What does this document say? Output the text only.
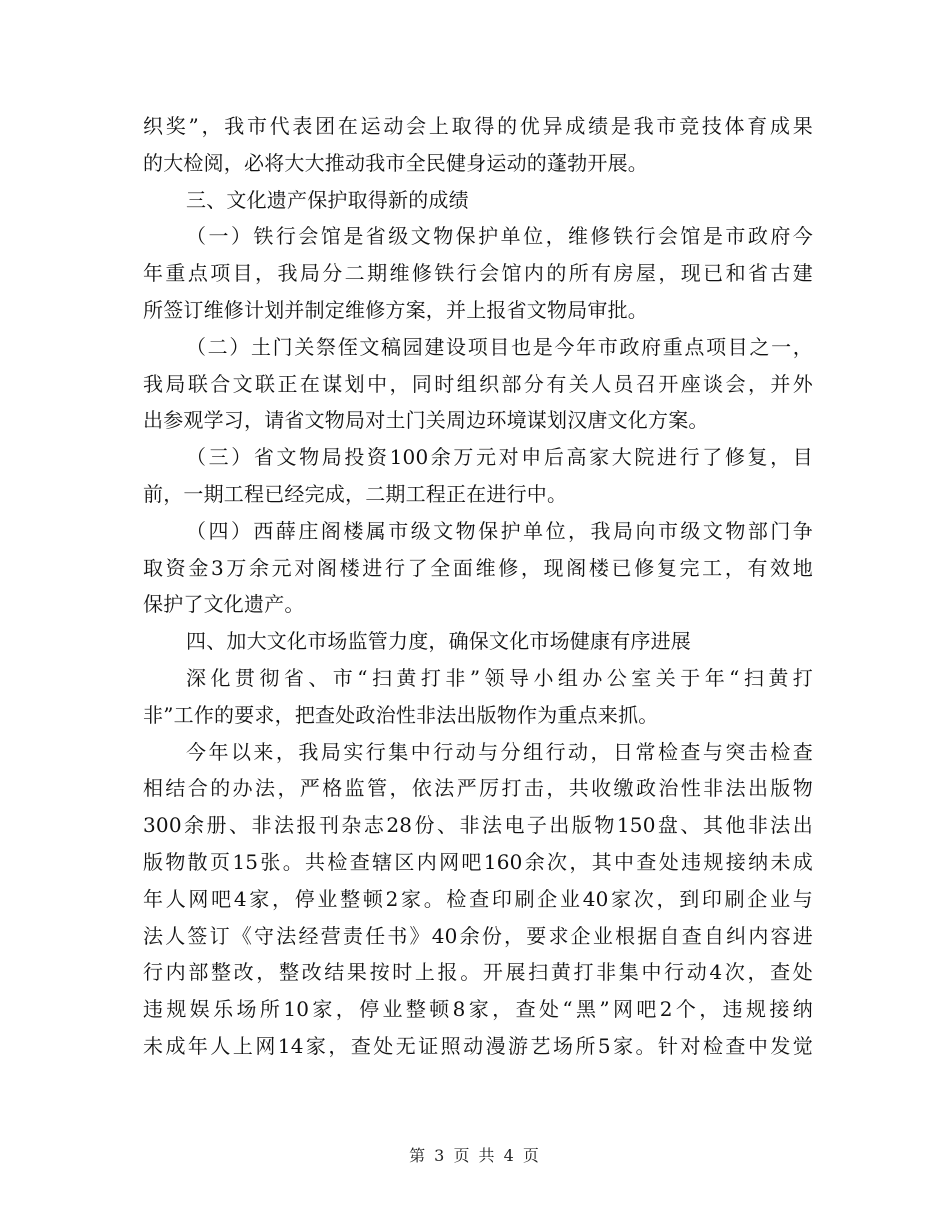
织奖”，我市代表团在运动会上取得的优异成绩是我市竞技体育成果
的大检阅，必将大大推动我市全民健身运动的蓬勃开展。
三、文化遗产保护取得新的成绩
（一）铁行会馆是省级文物保护单位，维修铁行会馆是市政府今
年重点项目，我局分二期维修铁行会馆内的所有房屋，现已和省古建
所签订维修计划并制定维修方案，并上报省文物局审批。
（二）土门关祭侄文稿园建设项目也是今年市政府重点项目之一，
我局联合文联正在谋划中，同时组织部分有关人员召开座谈会，并外
出参观学习，请省文物局对土门关周边环境谋划汉唐文化方案。
（三）省文物局投资100余万元对申后高家大院进行了修复，目
前，一期工程已经完成，二期工程正在进行中。
（四）西薛庄阁楼属市级文物保护单位，我局向市级文物部门争
取资金3万余元对阁楼进行了全面维修，现阁楼已修复完工，有效地
保护了文化遗产。
四、加大文化市场监管力度，确保文化市场健康有序进展
深化贯彻省、市“扫黄打非”领导小组办公室关于年“扫黄打
非”工作的要求，把查处政治性非法出版物作为重点来抓。
今年以来，我局实行集中行动与分组行动，日常检查与突击检查
相结合的办法，严格监管，依法严厉打击，共收缴政治性非法出版物
300余册、非法报刊杂志28份、非法电子出版物150盘、其他非法出
版物散页15张。共检查辖区内网吧160余次，其中查处违规接纳未成
年人网吧4家，停业整顿2家。检查印刷企业40家次，到印刷企业与
法人签订《守法经营责任书》40余份，要求企业根据自查自纠内容进
行内部整改，整改结果按时上报。开展扫黄打非集中行动4次，查处
违规娱乐场所10家，停业整顿8家，查处“黑”网吧2个，违规接纳
未成年人上网14家，查处无证照动漫游艺场所5家。针对检查中发觉
第 3 页 共 4 页
